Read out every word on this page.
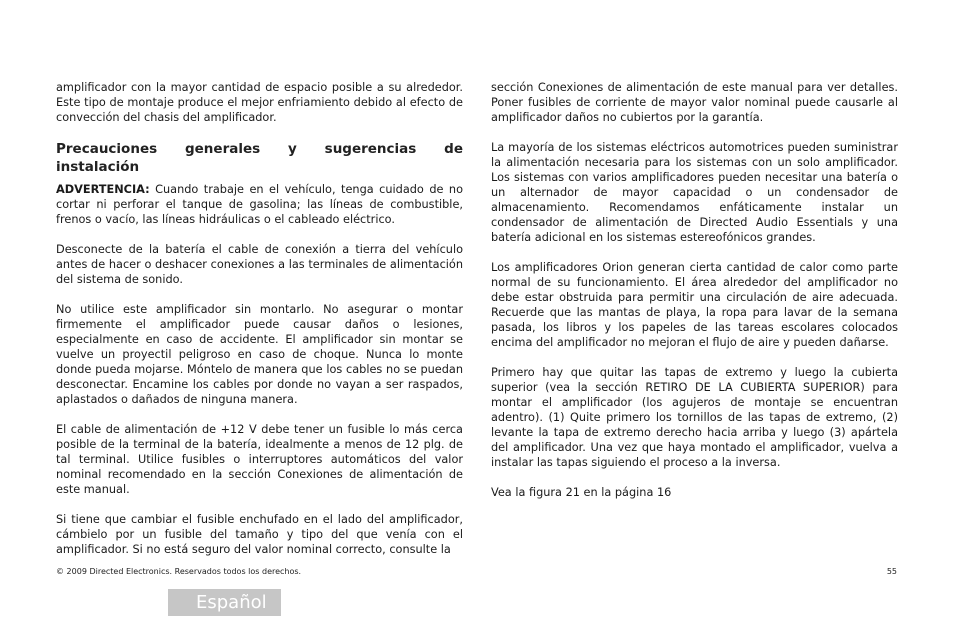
amplificador con la mayor cantidad de espacio posible a su alrededor. Este tipo de montaje produce el mejor enfriamiento debido al efecto de convección del chasis del amplificador.

Precauciones generales y sugerencias de instalación

ADVERTENCIA: Cuando trabaje en el vehículo, tenga cuidado de no cortar ni perforar el tanque de gasolina; las líneas de combustible, frenos o vacío, las líneas hidráulicas o el cableado eléctrico.

Desconecte de la batería el cable de conexión a tierra del vehículo antes de hacer o deshacer conexiones a las terminales de alimentación del sistema de sonido.

No utilice este amplificador sin montarlo. No asegurar o montar firmemente el amplificador puede causar daños o lesiones, especialmente en caso de accidente. El amplificador sin montar se vuelve un proyectil peligroso en caso de choque. Nunca lo monte donde pueda mojarse. Móntelo de manera que los cables no se puedan desconectar. Encamine los cables por donde no vayan a ser raspados, aplastados o dañados de ninguna manera.

El cable de alimentación de +12 V debe tener un fusible lo más cerca posible de la terminal de la batería, idealmente a menos de 12 plg. de tal terminal. Utilice fusibles o interruptores automáticos del valor nominal recomendado en la sección Conexiones de alimentación de este manual.

Si tiene que cambiar el fusible enchufado en el lado del amplificador, cámbielo por un fusible del tamaño y tipo del que venía con el amplificador. Si no está seguro del valor nominal correcto, consulte la

sección Conexiones de alimentación de este manual para ver detalles. Poner fusibles de corriente de mayor valor nominal puede causarle al amplificador daños no cubiertos por la garantía.

La mayoría de los sistemas eléctricos automotrices pueden suministrar la alimentación necesaria para los sistemas con un solo amplificador. Los sistemas con varios amplificadores pueden necesitar una batería o un alternador de mayor capacidad o un condensador de almacenamiento. Recomendamos enfáticamente instalar un condensador de alimentación de Directed Audio Essentials y una batería adicional en los sistemas estereofónicos grandes.

Los amplificadores Orion generan cierta cantidad de calor como parte normal de su funcionamiento. El área alrededor del amplificador no debe estar obstruida para permitir una circulación de aire adecuada. Recuerde que las mantas de playa, la ropa para lavar de la semana pasada, los libros y los papeles de las tareas escolares colocados encima del amplificador no mejoran el flujo de aire y pueden dañarse.

Primero hay que quitar las tapas de extremo y luego la cubierta superior (vea la sección RETIRO DE LA CUBIERTA SUPERIOR) para montar el amplificador (los agujeros de montaje se encuentran adentro). (1) Quite primero los tornillos de las tapas de extremo, (2) levante la tapa de extremo derecho hacia arriba y luego (3) apártela del amplificador. Una vez que haya montado el amplificador, vuelva a instalar las tapas siguiendo el proceso a la inversa.

Vea la figura 21 en la página 16

© 2009 Directed Electronics. Reservados todos los derechos.	55
Español
